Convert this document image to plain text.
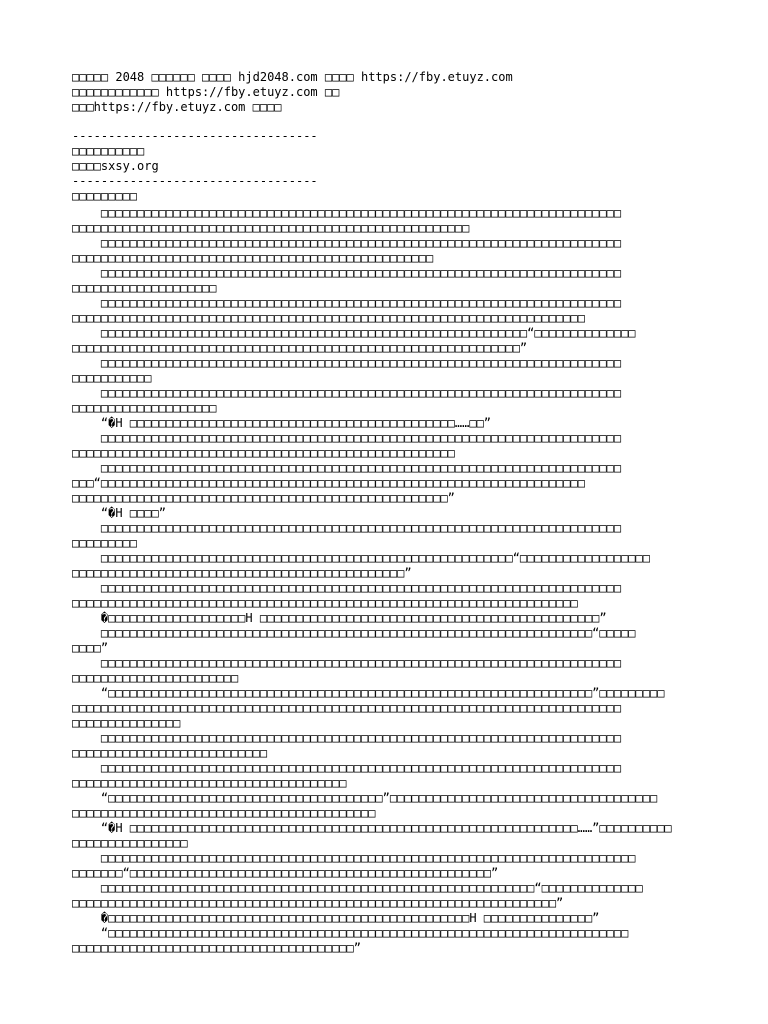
□□□□□ 2048 □□□□□□ □□□□ hjd2048.com □□□□ https://fby.etuyz.com
□□□□□□□□□□□□ https://fby.etuyz.com □□
□□□https://fby.etuyz.com □□□□
----------------------------------
□□□□□□□□□□
□□□□sxsy.org
----------------------------------
□□□□□□□□□
□□□□□□□□□□□□□□□□□□□□□□□□□□□□□□□□□□□□□□□□□□□□□□□□□□□□□□□□□□□□□□□□□□□□□□□□
□□□□□□□□□□□□□□□□□□□□□□□□□□□□□□□□□□□□□□□□□□□□□□□□□□□□□□□
□□□□□□□□□□□□□□□□□□□□□□□□□□□□□□□□□□□□□□□□□□□□□□□□□□□□□□□□□□□□□□□□□□□□□□□□
□□□□□□□□□□□□□□□□□□□□□□□□□□□□□□□□□□□□□□□□□□□□□□□□□□
□□□□□□□□□□□□□□□□□□□□□□□□□□□□□□□□□□□□□□□□□□□□□□□□□□□□□□□□□□□□□□□□□□□□□□□□
□□□□□□□□□□□□□□□□□□□□
□□□□□□□□□□□□□□□□□□□□□□□□□□□□□□□□□□□□□□□□□□□□□□□□□□□□□□□□□□□□□□□□□□□□□□□□
□□□□□□□□□□□□□□□□□□□□□□□□□□□□□□□□□□□□□□□□□□□□□□□□□□□□□□□□□□□□□□□□□□□□□□□
□□□□□□□□□□□□□□□□□□□□□□□□□□□□□□□□□□□□□□□□□□□□□□□□□□□□□□□□□□□“□□□□□□□□□□□□□□
□□□□□□□□□□□□□□□□□□□□□□□□□□□□□□□□□□□□□□□□□□□□□□□□□□□□□□□□□□□□□□”
□□□□□□□□□□□□□□□□□□□□□□□□□□□□□□□□□□□□□□□□□□□□□□□□□□□□□□□□□□□□□□□□□□□□□□□□
□□□□□□□□□□□
□□□□□□□□□□□□□□□□□□□□□□□□□□□□□□□□□□□□□□□□□□□□□□□□□□□□□□□□□□□□□□□□□□□□□□□□
□□□□□□□□□□□□□□□□□□□□
“�H □□□□□□□□□□□□□□□□□□□□□□□□□□□□□□□□□□□□□□□□□□□□□……□□”
□□□□□□□□□□□□□□□□□□□□□□□□□□□□□□□□□□□□□□□□□□□□□□□□□□□□□□□□□□□□□□□□□□□□□□□□
□□□□□□□□□□□□□□□□□□□□□□□□□□□□□□□□□□□□□□□□□□□□□□□□□□□□□
□□□□□□□□□□□□□□□□□□□□□□□□□□□□□□□□□□□□□□□□□□□□□□□□□□□□□□□□□□□□□□□□□□□□□□□□
□□□“□□□□□□□□□□□□□□□□□□□□□□□□□□□□□□□□□□□□□□□□□□□□□□□□□□□□□□□□□□□□□□□□□□□
□□□□□□□□□□□□□□□□□□□□□□□□□□□□□□□□□□□□□□□□□□□□□□□□□□□□”
“�H □□□□”
□□□□□□□□□□□□□□□□□□□□□□□□□□□□□□□□□□□□□□□□□□□□□□□□□□□□□□□□□□□□□□□□□□□□□□□□
□□□□□□□□□
□□□□□□□□□□□□□□□□□□□□□□□□□□□□□□□□□□□□□□□□□□□□□□□□□□□□□□□□□“□□□□□□□□□□□□□□□□□□
□□□□□□□□□□□□□□□□□□□□□□□□□□□□□□□□□□□□□□□□□□□□□□”
□□□□□□□□□□□□□□□□□□□□□□□□□□□□□□□□□□□□□□□□□□□□□□□□□□□□□□□□□□□□□□□□□□□□□□□□
□□□□□□□□□□□□□□□□□□□□□□□□□□□□□□□□□□□□□□□□□□□□□□□□□□□□□□□□□□□□□□□□□□□□□□
�□□□□□□□□□□□□□□□□□□□H □□□□□□□□□□□□□□□□□□□□□□□□□□□□□□□□□□□□□□□□□□□□□□□”
□□□□□□□□□□□□□□□□□□□□□□□□□□□□□□□□□□□□□□□□□□□□□□□□□□□□□□□□□□□□□□□□□□□□“□□□□□
□□□□”
□□□□□□□□□□□□□□□□□□□□□□□□□□□□□□□□□□□□□□□□□□□□□□□□□□□□□□□□□□□□□□□□□□□□□□□□
□□□□□□□□□□□□□□□□□□□□□□□
“□□□□□□□□□□□□□□□□□□□□□□□□□□□□□□□□□□□□□□□□□□□□□□□□□□□□□□□□□□□□□□□□□□□”□□□□□□□□□
□□□□□□□□□□□□□□□□□□□□□□□□□□□□□□□□□□□□□□□□□□□□□□□□□□□□□□□□□□□□□□□□□□□□□□□□□□□□
□□□□□□□□□□□□□□□
□□□□□□□□□□□□□□□□□□□□□□□□□□□□□□□□□□□□□□□□□□□□□□□□□□□□□□□□□□□□□□□□□□□□□□□□
□□□□□□□□□□□□□□□□□□□□□□□□□□□
□□□□□□□□□□□□□□□□□□□□□□□□□□□□□□□□□□□□□□□□□□□□□□□□□□□□□□□□□□□□□□□□□□□□□□□□
□□□□□□□□□□□□□□□□□□□□□□□□□□□□□□□□□□□□□□
“□□□□□□□□□□□□□□□□□□□□□□□□□□□□□□□□□□□□□□”□□□□□□□□□□□□□□□□□□□□□□□□□□□□□□□□□□□□□
□□□□□□□□□□□□□□□□□□□□□□□□□□□□□□□□□□□□□□□□□□
“�H □□□□□□□□□□□□□□□□□□□□□□□□□□□□□□□□□□□□□□□□□□□□□□□□□□□□□□□□□□□□□□……”□□□□□□□□□□
□□□□□□□□□□□□□□□□
□□□□□□□□□□□□□□□□□□□□□□□□□□□□□□□□□□□□□□□□□□□□□□□□□□□□□□□□□□□□□□□□□□□□□□□□□□
□□□□□□□“□□□□□□□□□□□□□□□□□□□□□□□□□□□□□□□□□□□□□□□□□□□□□□□□□□”
□□□□□□□□□□□□□□□□□□□□□□□□□□□□□□□□□□□□□□□□□□□□□□□□□□□□□□□□□□□□“□□□□□□□□□□□□□□
□□□□□□□□□□□□□□□□□□□□□□□□□□□□□□□□□□□□□□□□□□□□□□□□□□□□□□□□□□□□□□□□□□□”
�□□□□□□□□□□□□□□□□□□□□□□□□□□□□□□□□□□□□□□□□□□□□□□□□□□H □□□□□□□□□□□□□□□”
“□□□□□□□□□□□□□□□□□□□□□□□□□□□□□□□□□□□□□□□□□□□□□□□□□□□□□□□□□□□□□□□□□□□□□□□□
□□□□□□□□□□□□□□□□□□□□□□□□□□□□□□□□□□□□□□□”
